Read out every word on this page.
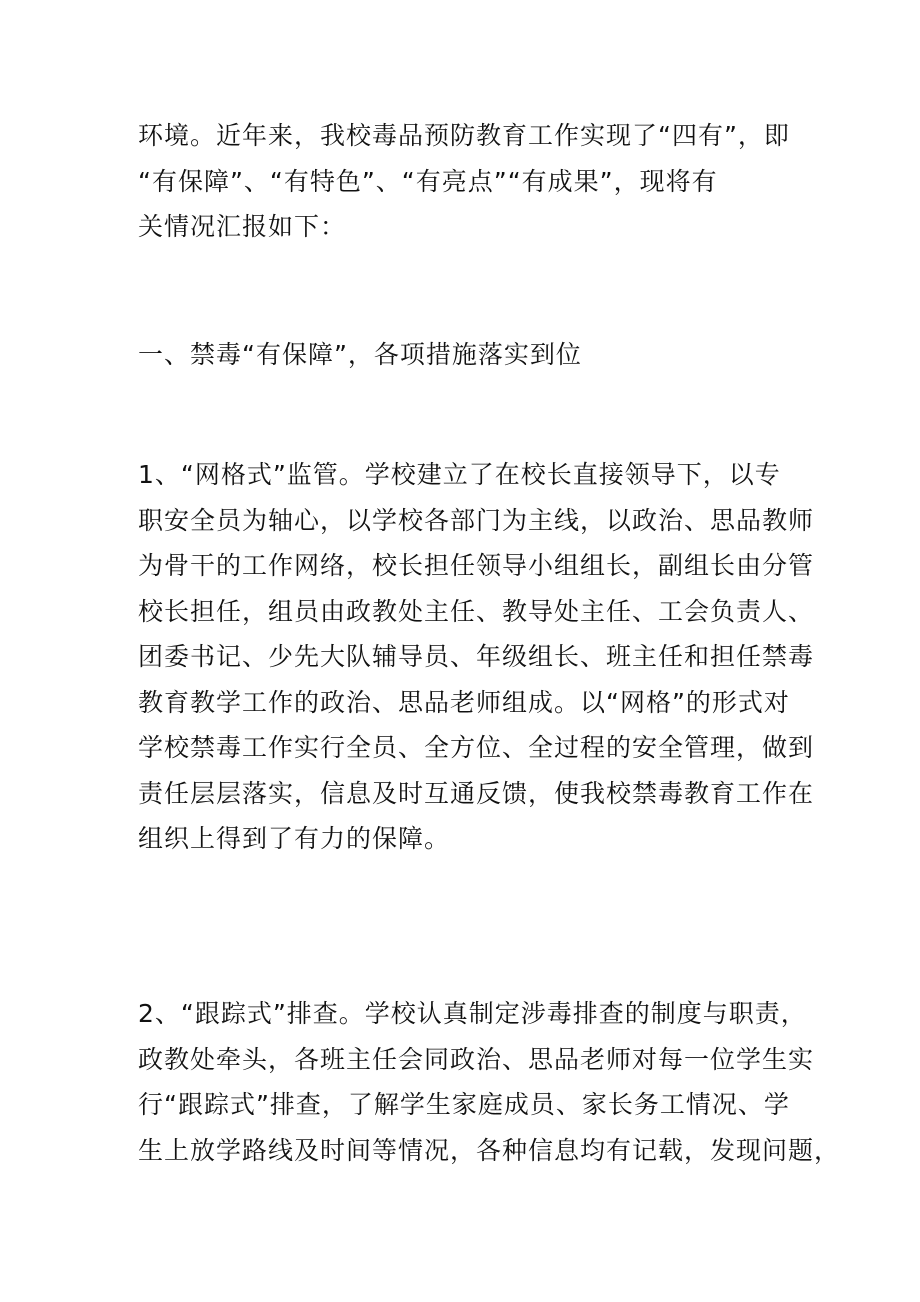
环境。近年来，我校毒品预防教育工作实现了“四有”，即
“有保障”、“有特色”、“有亮点”“有成果”，现将有
关情况汇报如下：
一、禁毒“有保障”，各项措施落实到位
1、“网格式”监管。学校建立了在校长直接领导下，以专
职安全员为轴心，以学校各部门为主线，以政治、思品教师
为骨干的工作网络，校长担任领导小组组长，副组长由分管
校长担任，组员由政教处主任、教导处主任、工会负责人、
团委书记、少先大队辅导员、年级组长、班主任和担任禁毒
教育教学工作的政治、思品老师组成。以“网格”的形式对
学校禁毒工作实行全员、全方位、全过程的安全管理，做到
责任层层落实，信息及时互通反馈，使我校禁毒教育工作在
组织上得到了有力的保障。
2、“跟踪式”排查。学校认真制定涉毒排查的制度与职责，
政教处牵头，各班主任会同政治、思品老师对每一位学生实
行“跟踪式”排查，了解学生家庭成员、家长务工情况、学
生上放学路线及时间等情况，各种信息均有记载，发现问题，
